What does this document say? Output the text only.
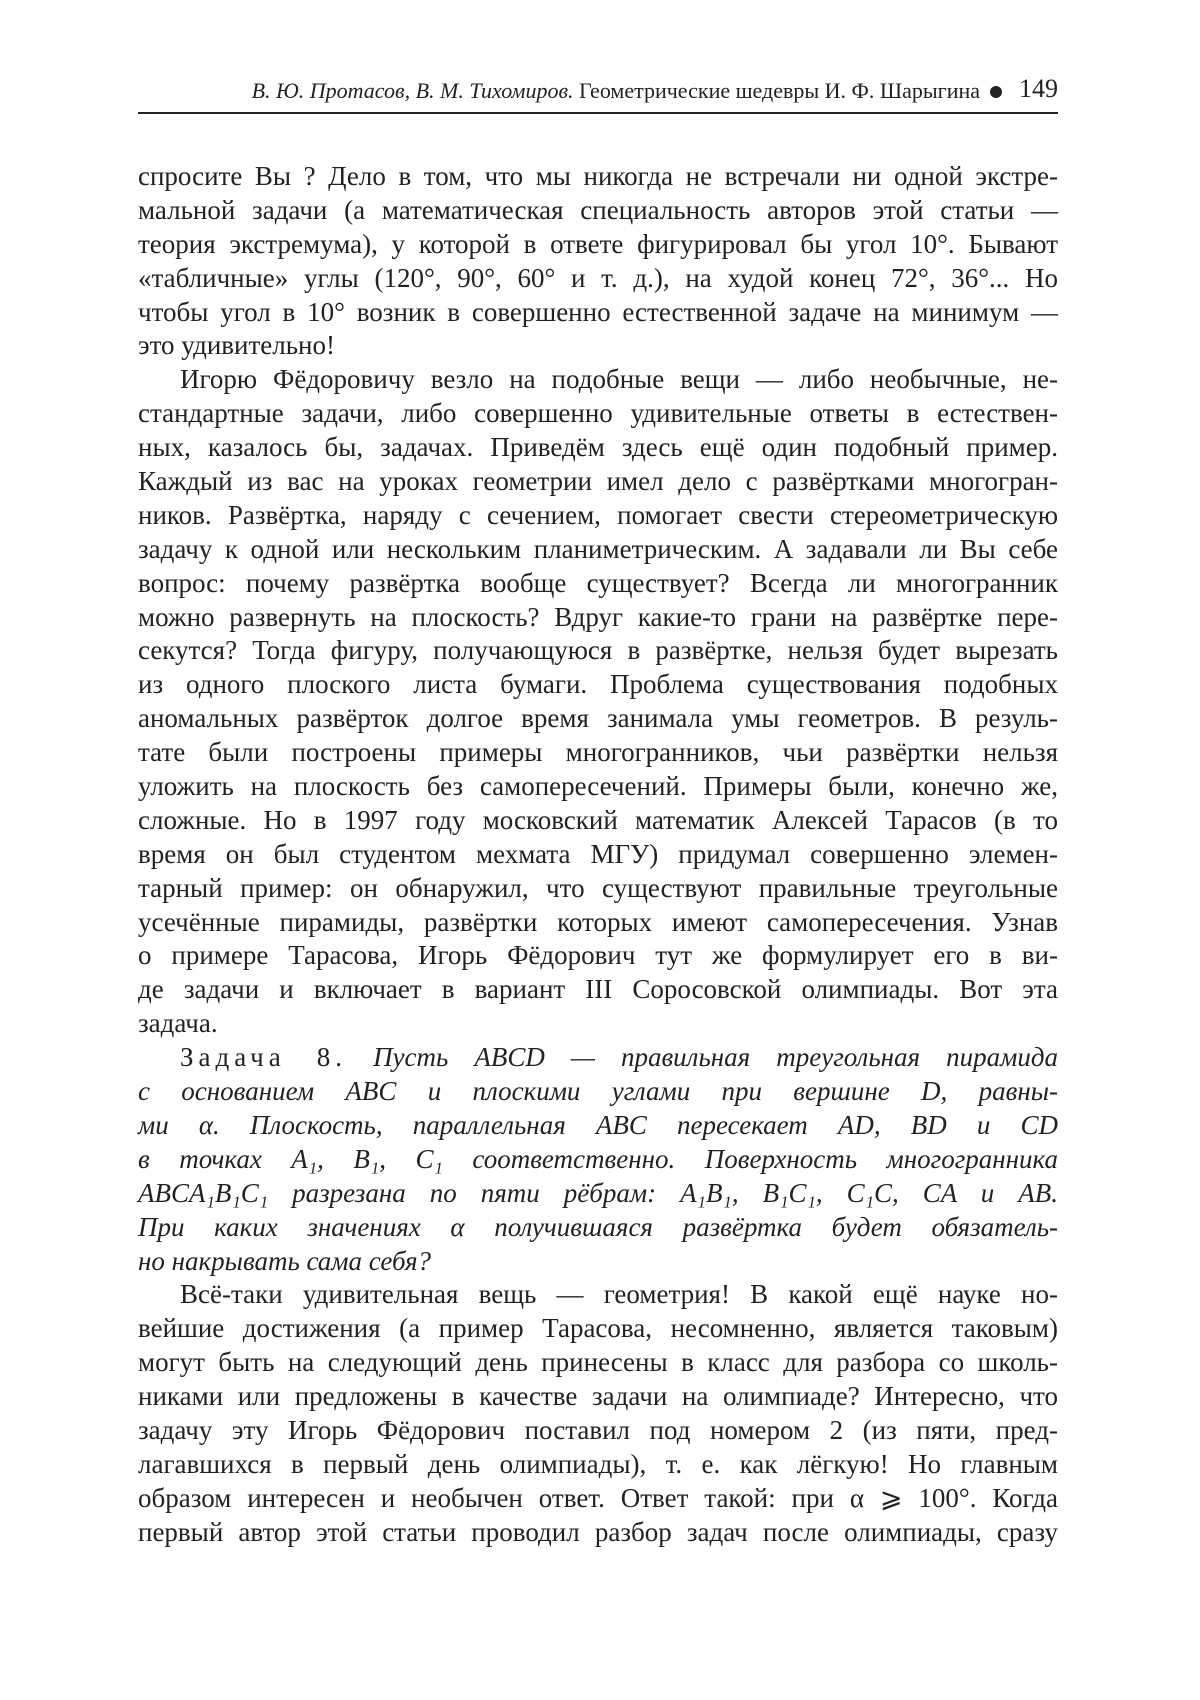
В. Ю. Протасов, В. М. Тихомиров. Геометрические шедевры И. Ф. Шарыгина 149
спросите Вы ? Дело в том, что мы никогда не встречали ни одной экстре-
мальной задачи (а математическая специальность авторов этой статьи —
теория экстремума), у которой в ответе фигурировал бы угол 10°. Бывают
«табличные» углы (120°, 90°, 60° и т. д.), на худой конец 72°, 36°... Но
чтобы угол в 10° возник в совершенно естественной задаче на минимум —
это удивительно!
Игорю Фёдоровичу везло на подобные вещи — либо необычные, не-
стандартные задачи, либо совершенно удивительные ответы в естествен-
ных, казалось бы, задачах. Приведём здесь ещё один подобный пример.
Каждый из вас на уроках геометрии имел дело с развёртками многогран-
ников. Развёртка, наряду с сечением, помогает свести стереометрическую
задачу к одной или нескольким планиметрическим. А задавали ли Вы себе
вопрос: почему развёртка вообще существует? Всегда ли многогранник
можно развернуть на плоскость? Вдруг какие-то грани на развёртке пере-
секутся? Тогда фигуру, получающуюся в развёртке, нельзя будет вырезать
из одного плоского листа бумаги. Проблема существования подобных
аномальных развёрток долгое время занимала умы геометров. В резуль-
тате были построены примеры многогранников, чьи развёртки нельзя
уложить на плоскость без самопересечений. Примеры были, конечно же,
сложные. Но в 1997 году московский математик Алексей Тарасов (в то
время он был студентом мехмата МГУ) придумал совершенно элемен-
тарный пример: он обнаружил, что существуют правильные треугольные
усечённые пирамиды, развёртки которых имеют самопересечения. Узнав
о примере Тарасова, Игорь Фёдорович тут же формулирует его в ви-
де задачи и включает в вариант III Соросовской олимпиады. Вот эта
задача.
Задача 8. Пусть ABCD — правильная треугольная пирамида
с основанием ABC и плоскими углами при вершине D, равны-
ми α. Плоскость, параллельная ABC пересекает AD, BD и CD
в точках A₁, B₁, C₁ соответственно. Поверхность многогранника
ABCA₁B₁C₁ разрезана по пяти рёбрам: A₁B₁, B₁C₁, C₁C, CA и AB.
При каких значениях α получившаяся развёртка будет обязатель-
но накрывать сама себя?
Всё-таки удивительная вещь — геометрия! В какой ещё науке но-
вейшие достижения (а пример Тарасова, несомненно, является таковым)
могут быть на следующий день принесены в класс для разбора со школь-
никами или предложены в качестве задачи на олимпиаде? Интересно, что
задачу эту Игорь Фёдорович поставил под номером 2 (из пяти, пред-
лагавшихся в первый день олимпиады), т. е. как лёгкую! Но главным
образом интересен и необычен ответ. Ответ такой: при α ⩾ 100°. Когда
первый автор этой статьи проводил разбор задач после олимпиады, сразу
